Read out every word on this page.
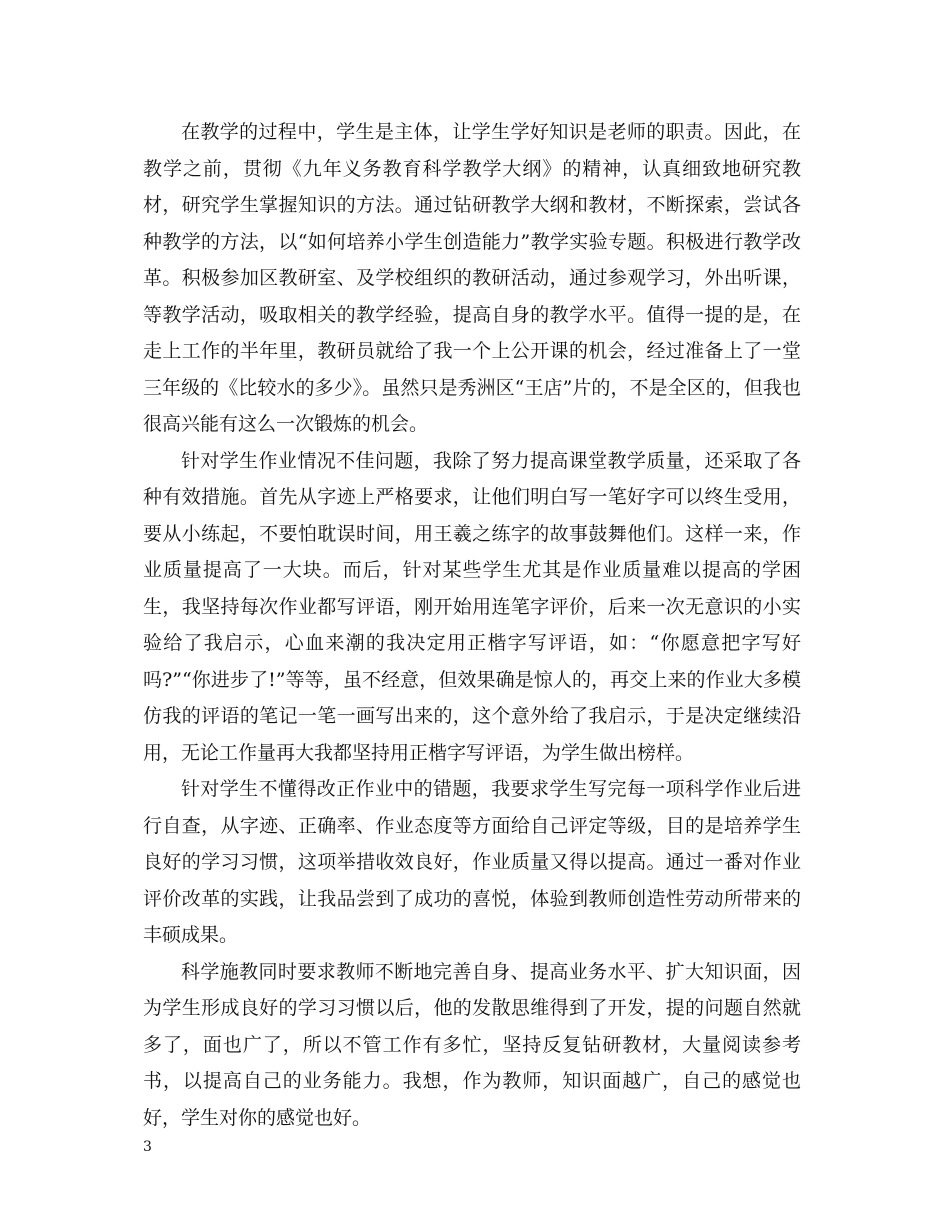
在教学的过程中，学生是主体，让学生学好知识是老师的职责。因此，在教学之前，贯彻《九年义务教育科学教学大纲》的精神，认真细致地研究教材，研究学生掌握知识的方法。通过钻研教学大纲和教材，不断探索，尝试各种教学的方法，以“如何培养小学生创造能力”教学实验专题。积极进行教学改革。积极参加区教研室、及学校组织的教研活动，通过参观学习，外出听课，等教学活动，吸取相关的教学经验，提高自身的教学水平。值得一提的是，在走上工作的半年里，教研员就给了我一个上公开课的机会，经过准备上了一堂三年级的《比较水的多少》。虽然只是秀洲区“王店”片的，不是全区的，但我也很高兴能有这么一次锻炼的机会。

针对学生作业情况不佳问题，我除了努力提高课堂教学质量，还采取了各种有效措施。首先从字迹上严格要求，让他们明白写一笔好字可以终生受用，要从小练起，不要怕耽误时间，用王羲之练字的故事鼓舞他们。这样一来，作业质量提高了一大块。而后，针对某些学生尤其是作业质量难以提高的学困生，我坚持每次作业都写评语，刚开始用连笔字评价，后来一次无意识的小实验给了我启示，心血来潮的我决定用正楷字写评语，如：“你愿意把字写好吗?”“你进步了!”等等，虽不经意，但效果确是惊人的，再交上来的作业大多模仿我的评语的笔记一笔一画写出来的，这个意外给了我启示，于是决定继续沿用，无论工作量再大我都坚持用正楷字写评语，为学生做出榜样。

针对学生不懂得改正作业中的错题，我要求学生写完每一项科学作业后进行自查，从字迹、正确率、作业态度等方面给自己评定等级，目的是培养学生良好的学习习惯，这项举措收效良好，作业质量又得以提高。通过一番对作业评价改革的实践，让我品尝到了成功的喜悦，体验到教师创造性劳动所带来的丰硕成果。

科学施教同时要求教师不断地完善自身、提高业务水平、扩大知识面，因为学生形成良好的学习习惯以后，他的发散思维得到了开发，提的问题自然就多了，面也广了，所以不管工作有多忙，坚持反复钻研教材，大量阅读参考书，以提高自己的业务能力。我想，作为教师，知识面越广，自己的感觉也好，学生对你的感觉也好。

3
